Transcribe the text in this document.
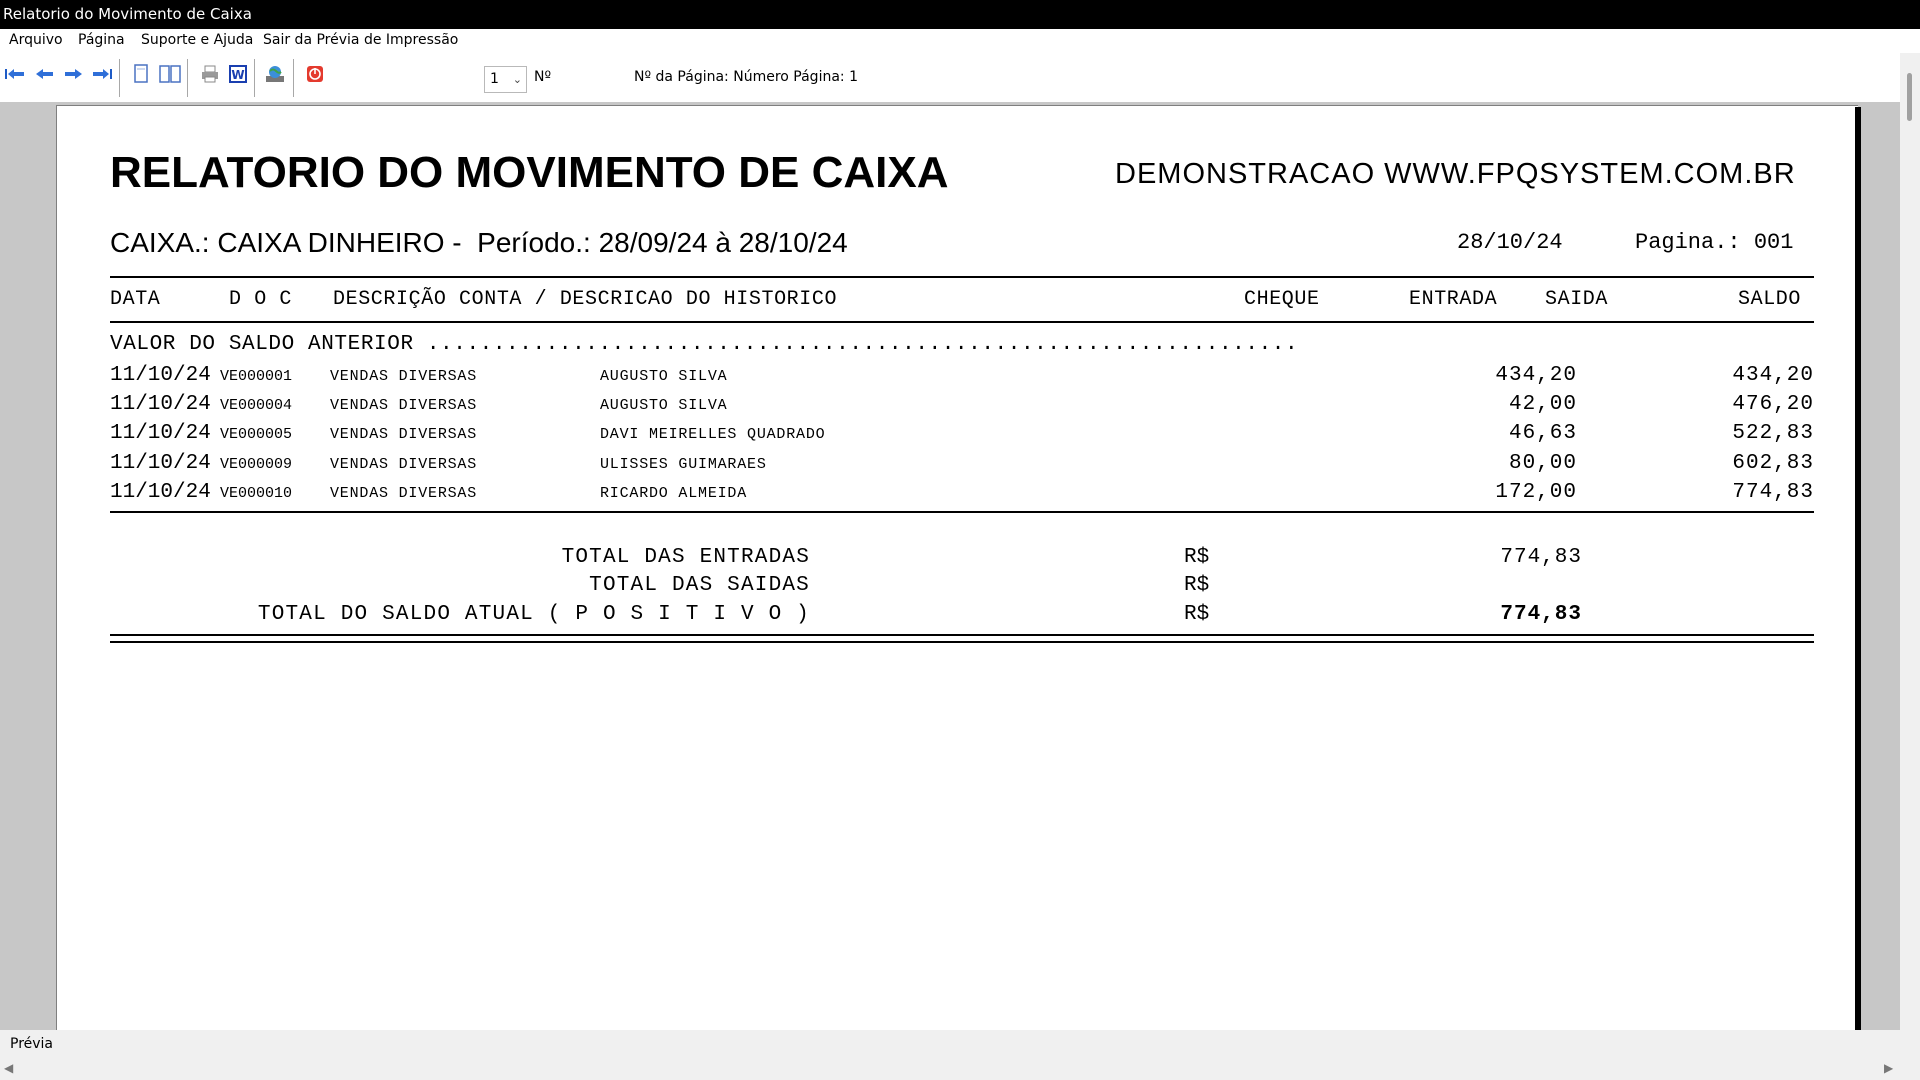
Relatorio do Movimento de Caixa
Arquivo Página Suporte e Ajuda Sair da Prévia de Impressão
W	1 ⌄ Nº	Nº da Página: Número Página: 1
RELATORIO DO MOVIMENTO DE CAIXA	DEMONSTRACAO WWW.FPQSYSTEM.COM.BR
CAIXA.: CAIXA DINHEIRO -  Período.: 28/09/24 à 28/10/24	28/10/24	Pagina.: 001
DATA	D O C DESCRIÇÃO CONTA / DESCRICAO DO HISTORICO	CHEQUE	ENTRADA SAIDA	SALDO
VALOR DO SALDO ANTERIOR ..................................................................
11/10/24 VE000001	VENDAS DIVERSAS	AUGUSTO SILVA	434,20	434,20
11/10/24 VE000004	VENDAS DIVERSAS	AUGUSTO SILVA	42,00	476,20
11/10/24 VE000005	VENDAS DIVERSAS	DAVI MEIRELLES QUADRADO	46,63	522,83
11/10/24 VE000009	VENDAS DIVERSAS	ULISSES GUIMARAES	80,00	602,83
11/10/24 VE000010	VENDAS DIVERSAS	RICARDO ALMEIDA	172,00	774,83
TOTAL DAS ENTRADAS	R$	774,83
TOTAL DAS SAIDAS	R$
TOTAL DO SALDO ATUAL ( P O S I T I V O )	R$	774,83
Prévia
◀	▶
